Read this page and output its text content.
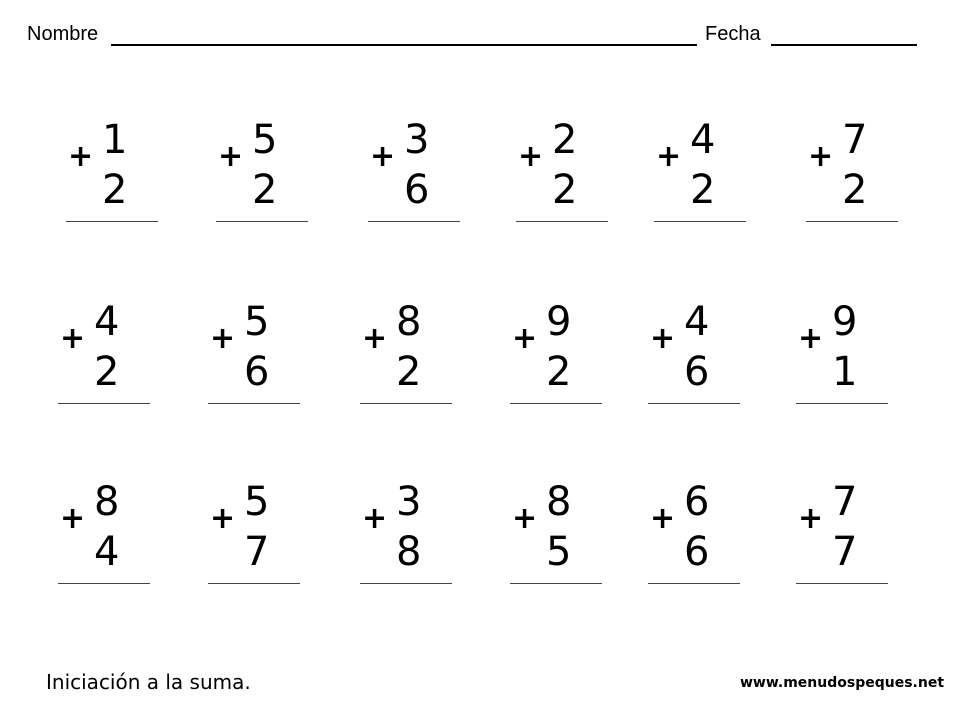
Nombre	Fecha
+ 1
2
+ 5
2
+ 3
6
+ 2
2
+ 4
2
+ 7
2
+ 4
2
+ 5
6
+ 8
2
+ 9
2
+ 4
6
+ 9
1
+ 8
4
+ 5
7
+ 3
8
+ 8
5
+ 6
6
+ 7
7
Iniciación a la suma.	www.menudospeques.net
